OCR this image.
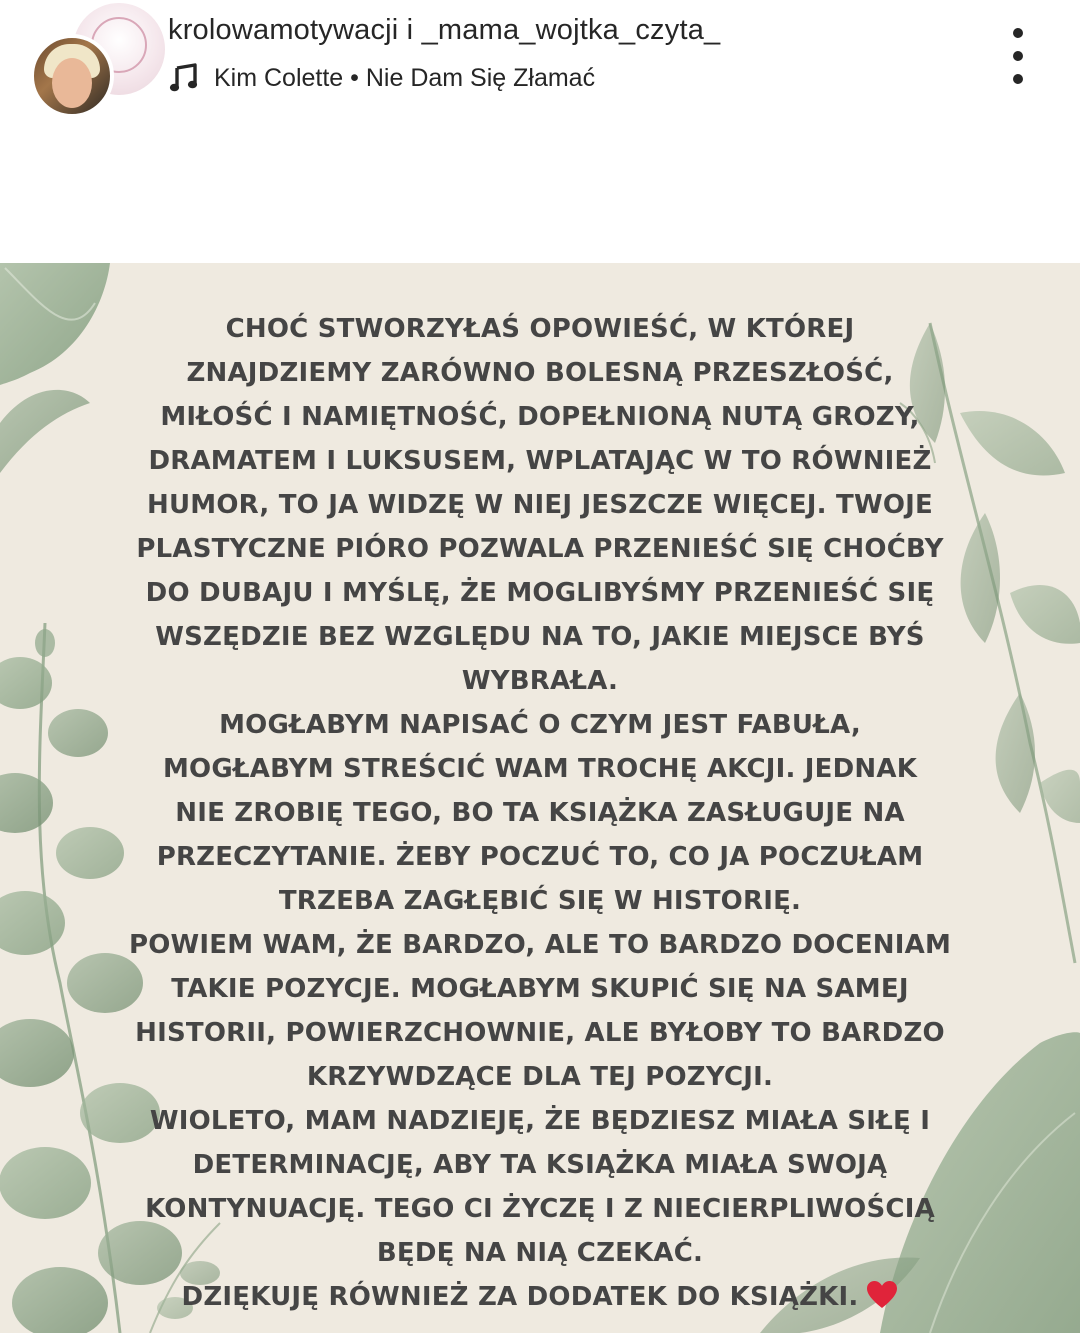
krolowamotywacji i _mama_wojtka_czyta_
Kim Colette • Nie Dam Się Złamać
CHOĆ STWORZYŁAŚ OPOWIEŚĆ, W KTÓREJ
ZNAJDZIEMY ZARÓWNO BOLESNĄ PRZESZŁOŚĆ,
MIŁOŚĆ I NAMIĘTNOŚĆ, DOPEŁNIONĄ NUTĄ GROZY,
DRAMATEM I LUKSUSEM, WPLATAJĄC W TO RÓWNIEŻ
HUMOR, TO JA WIDZĘ W NIEJ JESZCZE WIĘCEJ. TWOJE
PLASTYCZNE PIÓRO POZWALA PRZENIEŚĆ SIĘ CHOĆBY
DO DUBAJU I MYŚLĘ, ŻE MOGLIBYŚMY PRZENIEŚĆ SIĘ
WSZĘDZIE BEZ WZGLĘDU NA TO, JAKIE MIEJSCE BYŚ
WYBRAŁA.
MOGŁABYM NAPISAĆ O CZYM JEST FABUŁA,
MOGŁABYM STREŚCIĆ WAM TROCHĘ AKCJI. JEDNAK
NIE ZROBIĘ TEGO, BO TA KSIĄŻKA ZASŁUGUJE NA
PRZECZYTANIE. ŻEBY POCZUĆ TO, CO JA POCZUŁAM
TRZEBA ZAGŁĘBIĆ SIĘ W HISTORIĘ.
POWIEM WAM, ŻE BARDZO, ALE TO BARDZO DOCENIAM
TAKIE POZYCJE. MOGŁABYM SKUPIĆ SIĘ NA SAMEJ
HISTORII, POWIERZCHOWNIE, ALE BYŁOBY TO BARDZO
KRZYWDZĄCE DLA TEJ POZYCJI.
WIOLETO, MAM NADZIEJĘ, ŻE BĘDZIESZ MIAŁA SIŁĘ I
DETERMINACJĘ, ABY TA KSIĄŻKA MIAŁA SWOJĄ
KONTYNUACJĘ. TEGO CI ŻYCZĘ I Z NIECIERPLIWOŚCIĄ
BĘDĘ NA NIĄ CZEKAĆ.
DZIĘKUJĘ RÓWNIEŻ ZA DODATEK DO KSIĄŻKI.
